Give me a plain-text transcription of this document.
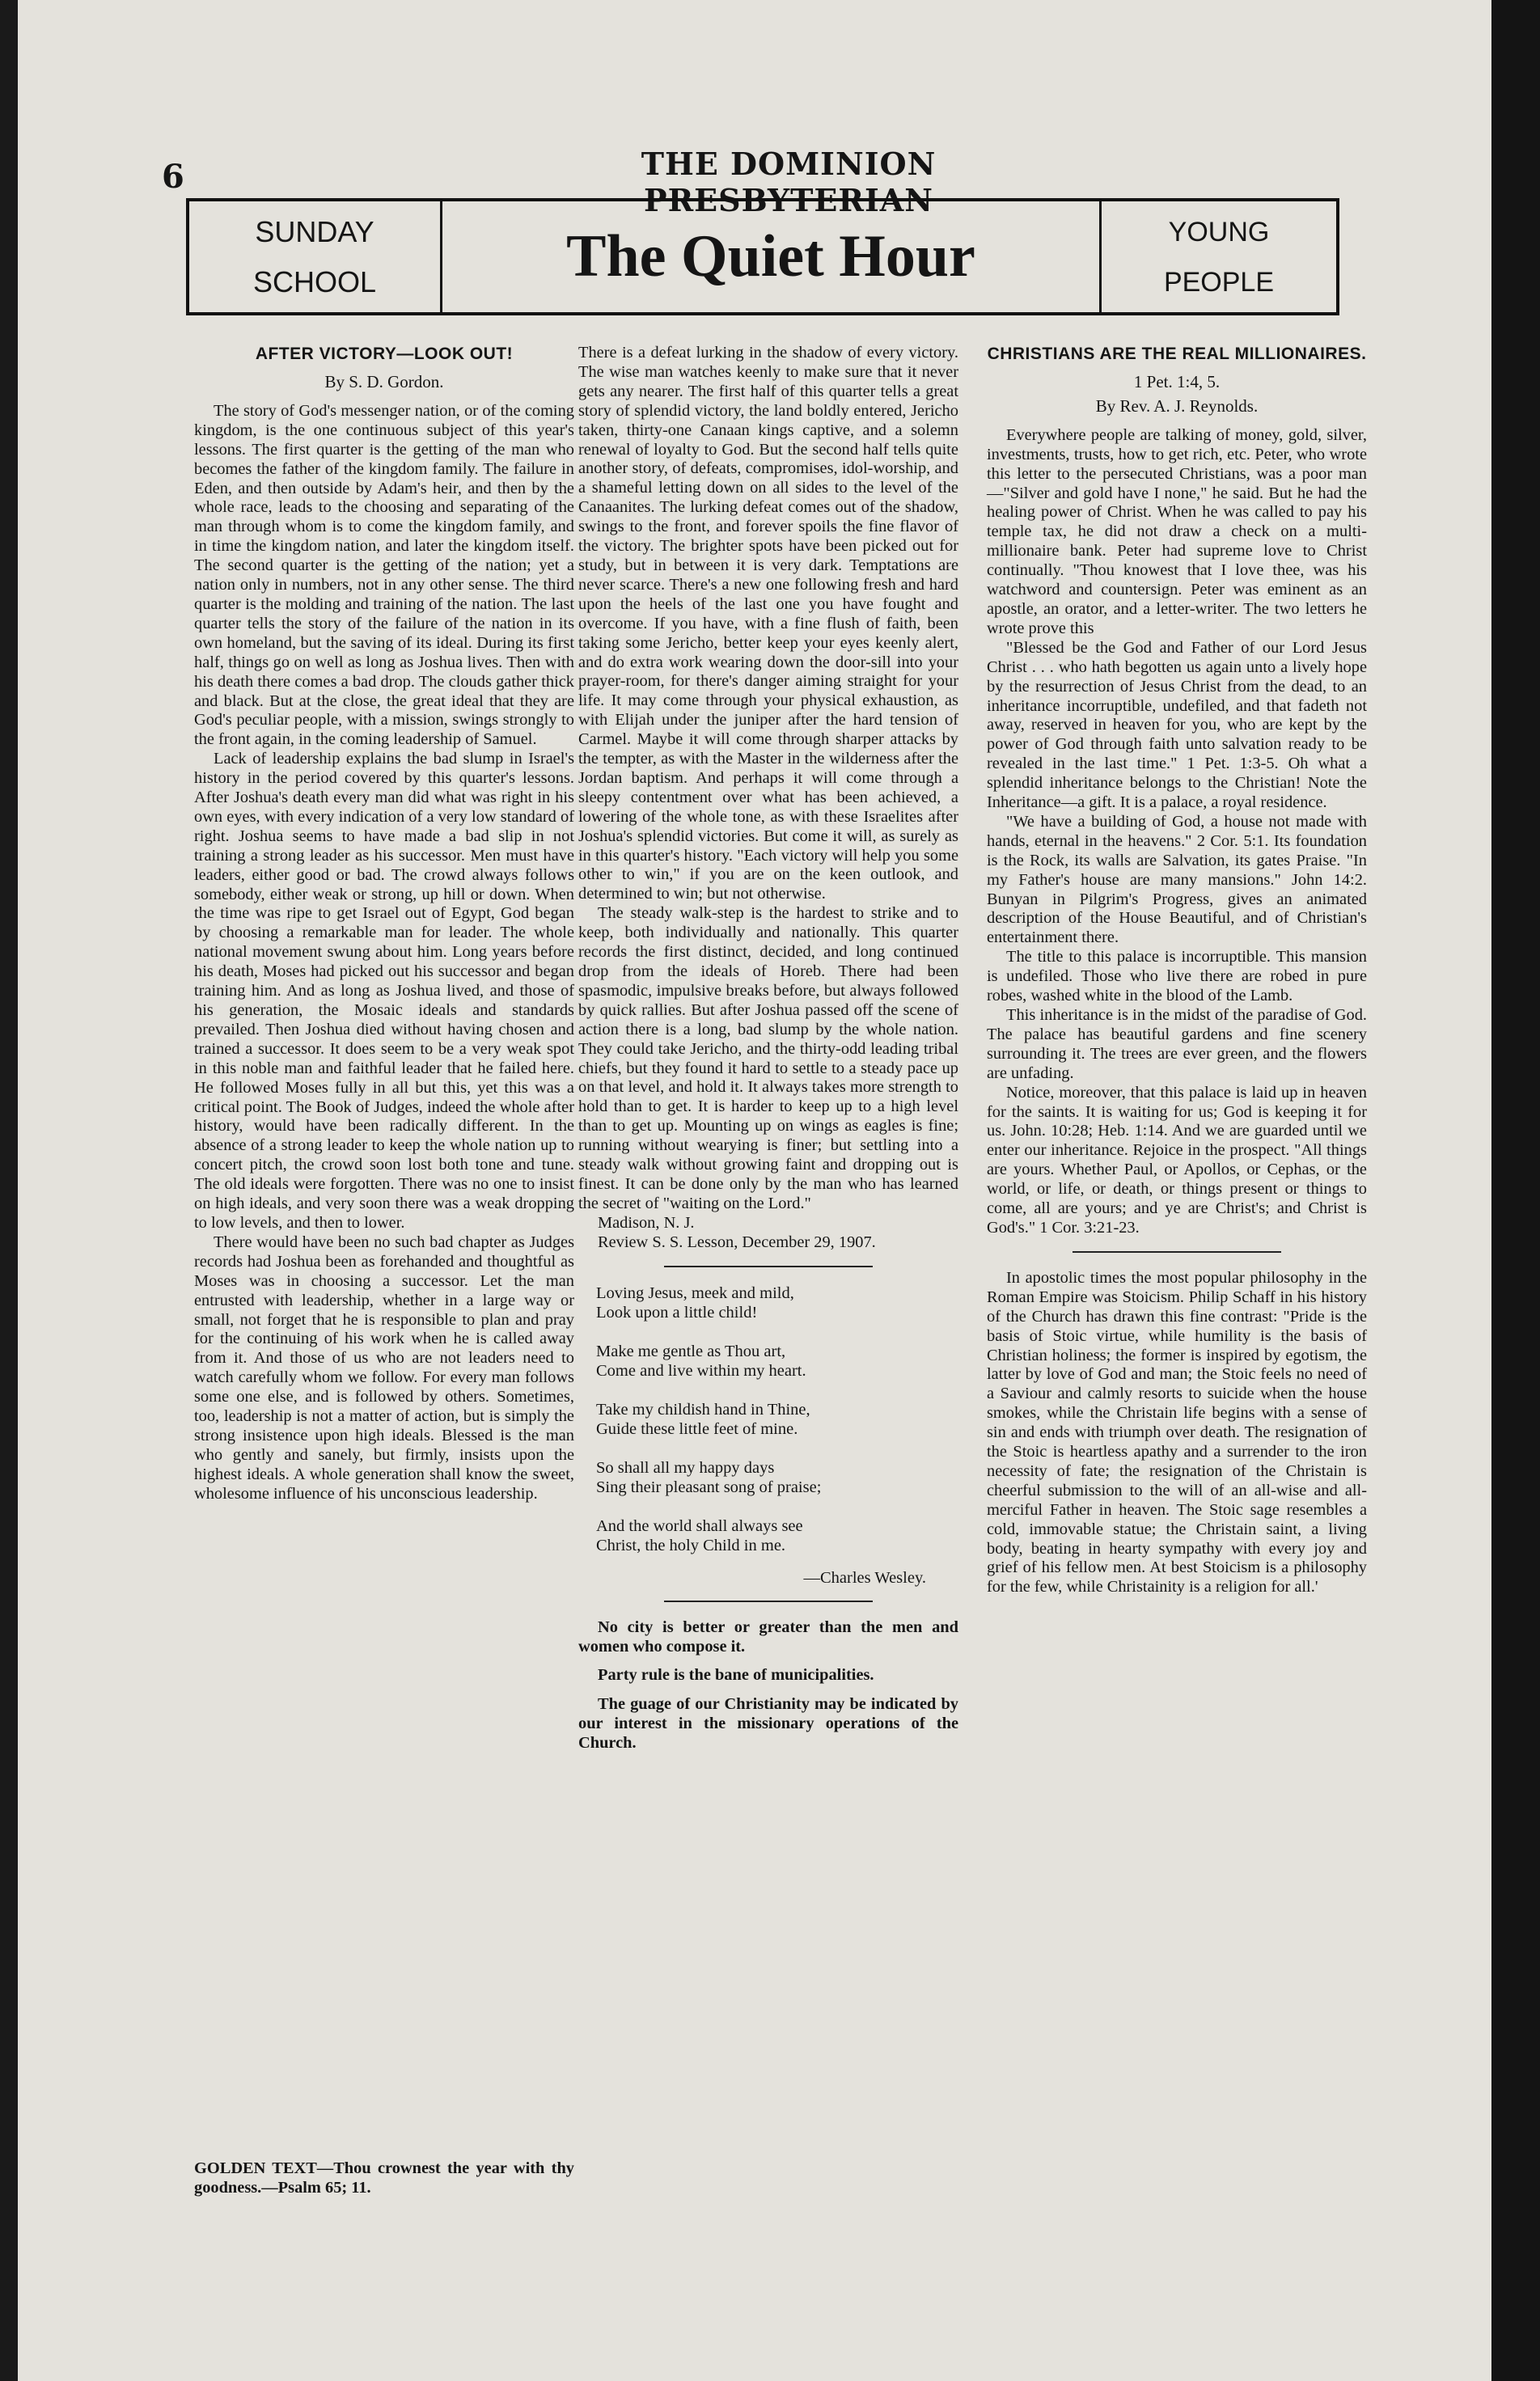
6	THE DOMINION PRESBYTERIAN
SUNDAY
SCHOOL	The Quiet Hour	YOUNG
PEOPLE
AFTER VICTORY—LOOK OUT!
By S. D. Gordon.

The story of God's messenger nation, or of the coming kingdom, is the one continuous subject of this year's lessons. The first quarter is the getting of the man who becomes the father of the kingdom family. The failure in Eden, and then outside by Adam's heir, and then by the whole race, leads to the choosing and separating of the man through whom is to come the kingdom family, and in time the kingdom nation, and later the kingdom itself. The second quarter is the getting of the nation; yet a nation only in numbers, not in any other sense. The third quarter is the molding and training of the nation. The last quarter tells the story of the failure of the nation in its own homeland, but the saving of its ideal. During its first half, things go on well as long as Joshua lives. Then with his death there comes a bad drop. The clouds gather thick and black. But at the close, the great ideal that they are God's peculiar people, with a mission, swings strongly to the front again, in the coming leadership of Samuel.

Lack of leadership explains the bad slump in Israel's history in the period covered by this quarter's lessons. After Joshua's death every man did what was right in his own eyes, with every indication of a very low standard of right. Joshua seems to have made a bad slip in not training a strong leader as his successor. Men must have leaders, either good or bad. The crowd always follows somebody, either weak or strong, up hill or down. When the time was ripe to get Israel out of Egypt, God began by choosing a remarkable man for leader. The whole national movement swung about him. Long years before his death, Moses had picked out his successor and began training him. And as long as Joshua lived, and those of his generation, the Mosaic ideals and standards prevailed. Then Joshua died without having chosen and trained a successor. It does seem to be a very weak spot in this noble man and faithful leader that he failed here. He followed Moses fully in all but this, yet this was a critical point. The Book of Judges, indeed the whole after history, would have been radically different. In the absence of a strong leader to keep the whole nation up to concert pitch, the crowd soon lost both tone and tune. The old ideals were forgotten. There was no one to insist on high ideals, and very soon there was a weak dropping to low levels, and then to lower.

There would have been no such bad chapter as Judges records had Joshua been as forehanded and thoughtful as Moses was in choosing a successor. Let the man entrusted with leadership, whether in a large way or small, not forget that he is responsible to plan and pray for the continuing of his work when he is called away from it. And those of us who are not leaders need to watch carefully whom we follow. For every man follows some one else, and is followed by others. Sometimes, too, leadership is not a matter of action, but is simply the strong insistence upon high ideals. Blessed is the man who gently and sanely, but firmly, insists upon the highest ideals. A whole generation shall know the sweet, wholesome influence of his unconscious leadership.

GOLDEN TEXT—Thou crownest the year with thy goodness.—Psalm 65; 11.

There is a defeat lurking in the shadow of every victory. The wise man watches keenly to make sure that it never gets any nearer. The first half of this quarter tells a great story of splendid victory, the land boldly entered, Jericho taken, thirty-one Canaan kings captive, and a solemn renewal of loyalty to God. But the second half tells quite another story, of defeats, compromises, idol-worship, and a shameful letting down on all sides to the level of the Canaanites. The lurking defeat comes out of the shadow, swings to the front, and forever spoils the fine flavor of the victory. The brighter spots have been picked out for study, but in between it is very dark. Temptations are never scarce. There's a new one following fresh and hard upon the heels of the last one you have fought and overcome. If you have, with a fine flush of faith, been taking some Jericho, better keep your eyes keenly alert, and do extra work wearing down the door-sill into your prayer-room, for there's danger aiming straight for your life. It may come through your physical exhaustion, as with Elijah under the juniper after the hard tension of Carmel. Maybe it will come through sharper attacks by the tempter, as with the Master in the wilderness after the Jordan baptism. And perhaps it will come through a sleepy contentment over what has been achieved, a lowering of the whole tone, as with these Israelites after Joshua's splendid victories. But come it will, as surely as in this quarter's history. "Each victory will help you some other to win," if you are on the keen outlook, and determined to win; but not otherwise.

The steady walk-step is the hardest to strike and to keep, both individually and nationally. This quarter records the first distinct, decided, and long continued drop from the ideals of Horeb. There had been spasmodic, impulsive breaks before, but always followed by quick rallies. But after Joshua passed off the scene of action there is a long, bad slump by the whole nation. They could take Jericho, and the thirty-odd leading tribal chiefs, but they found it hard to settle to a steady pace up on that level, and hold it. It always takes more strength to hold than to get. It is harder to keep up to a high level than to get up. Mounting up on wings as eagles is fine; running without wearying is finer; but settling into a steady walk without growing faint and dropping out is finest. It can be done only by the man who has learned the secret of "waiting on the Lord."

Madison, N. J.

Review S. S. Lesson, December 29, 1907.

Loving Jesus, meek and mild,
Look upon a little child!
Make me gentle as Thou art,
Come and live within my heart.
Take my childish hand in Thine,
Guide these little feet of mine.
So shall all my happy days
Sing their pleasant song of praise;
And the world shall always see
Christ, the holy Child in me.
—Charles Wesley.

No city is better or greater than the men and women who compose it.

Party rule is the bane of municipalities.

The guage of our Christianity may be indicated by our interest in the missionary operations of the Church.

CHRISTIANS ARE THE REAL MILLIONAIRES.
1 Pet. 1:4, 5.
By Rev. A. J. Reynolds.

Everywhere people are talking of money, gold, silver, investments, trusts, how to get rich, etc. Peter, who wrote this letter to the persecuted Christians, was a poor man—"Silver and gold have I none," he said. But he had the healing power of Christ. When he was called to pay his temple tax, he did not draw a check on a multi-millionaire bank. Peter had supreme love to Christ continually. "Thou knowest that I love thee, was his watchword and countersign. Peter was eminent as an apostle, an orator, and a letter-writer. The two letters he wrote prove this

"Blessed be the God and Father of our Lord Jesus Christ . . . who hath begotten us again unto a lively hope by the resurrection of Jesus Christ from the dead, to an inheritance incorruptible, undefiled, and that fadeth not away, reserved in heaven for you, who are kept by the power of God through faith unto salvation ready to be revealed in the last time." 1 Pet. 1:3-5. Oh what a splendid inheritance belongs to the Christian! Note the Inheritance—a gift. It is a palace, a royal residence.

"We have a building of God, a house not made with hands, eternal in the heavens." 2 Cor. 5:1. Its foundation is the Rock, its walls are Salvation, its gates Praise. "In my Father's house are many mansions." John 14:2. Bunyan in Pilgrim's Progress, gives an animated description of the House Beautiful, and of Christian's entertainment there.

The title to this palace is incorruptible. This mansion is undefiled. Those who live there are robed in pure robes, washed white in the blood of the Lamb.

This inheritance is in the midst of the paradise of God. The palace has beautiful gardens and fine scenery surrounding it. The trees are ever green, and the flowers are unfading.

Notice, moreover, that this palace is laid up in heaven for the saints. It is waiting for us; God is keeping it for us. John. 10:28; Heb. 1:14. And we are guarded until we enter our inheritance. Rejoice in the prospect. "All things are yours. Whether Paul, or Apollos, or Cephas, or the world, or life, or death, or things present or things to come, all are yours; and ye are Christ's; and Christ is God's." 1 Cor. 3:21-23.

In apostolic times the most popular philosophy in the Roman Empire was Stoicism. Philip Schaff in his history of the Church has drawn this fine contrast: "Pride is the basis of Stoic virtue, while humility is the basis of Christian holiness; the former is inspired by egotism, the latter by love of God and man; the Stoic feels no need of a Saviour and calmly resorts to suicide when the house smokes, while the Christain life begins with a sense of sin and ends with triumph over death. The resignation of the Stoic is heartless apathy and a surrender to the iron necessity of fate; the resignation of the Christain is cheerful submission to the will of an all-wise and all-merciful Father in heaven. The Stoic sage resembles a cold, immovable statue; the Christain saint, a living body, beating in hearty sympathy with every joy and grief of his fellow men. At best Stoicism is a philosophy for the few, while Christainity is a religion for all.'
